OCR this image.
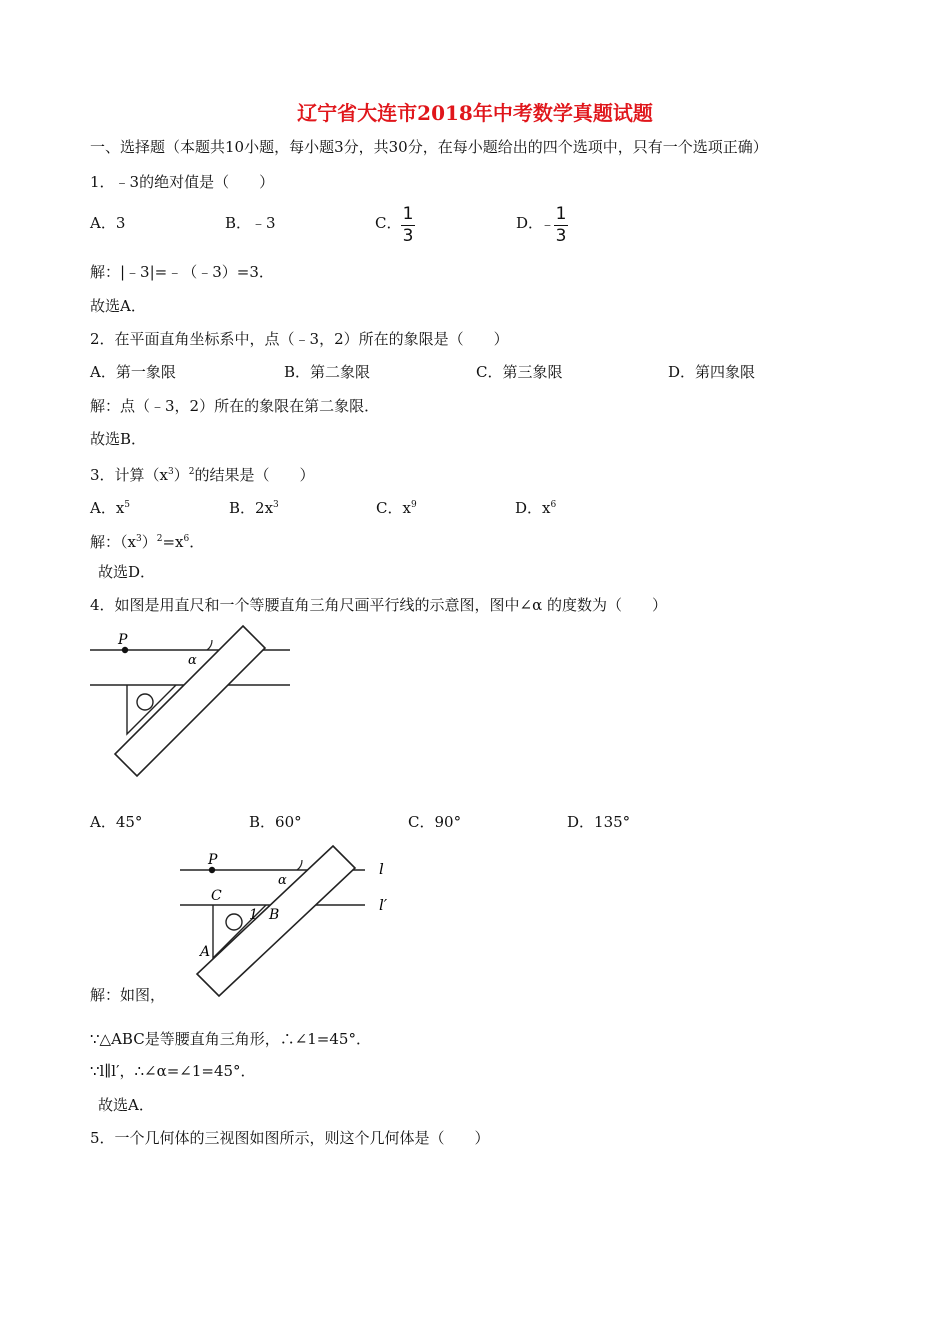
辽宁省大连市2018年中考数学真题试题
一、选择题（本题共10小题，每小题3分，共30分，在每小题给出的四个选项中，只有一个选项正确）
1．﹣3的绝对值是（　　）
A．3	B．﹣3	C． 1
3
D．
﹣ 1
3
解：|﹣3|=﹣（﹣3）=3．
故选A．
2．在平面直角坐标系中，点（﹣3，2）所在的象限是（　　）
A．第一象限	B．第二象限	C．第三象限	D．第四象限
解：点（﹣3，2）所在的象限在第二象限．
故选B．
3．计算$(x^3)^2$的结果是（　　）
A．$x^5$	B．$2x^3$	C．$x^9$	D．$x^6$
解：$(x^3)^2=x^6$．
故选D．
4．如图是用直尺和一个等腰直角三角尺画平行线的示意图，图中∠α 的度数为（　　）
P
α
A．45°	B．60°	C．90°	D．135°
P
α
l
l′
C
1 B
A
解：如图，
∵△ABC是等腰直角三角形，∴∠1=45°．
∵l∥l′，∴∠α=∠1=45°．
故选A．
5．一个几何体的三视图如图所示，则这个几何体是（　　）
